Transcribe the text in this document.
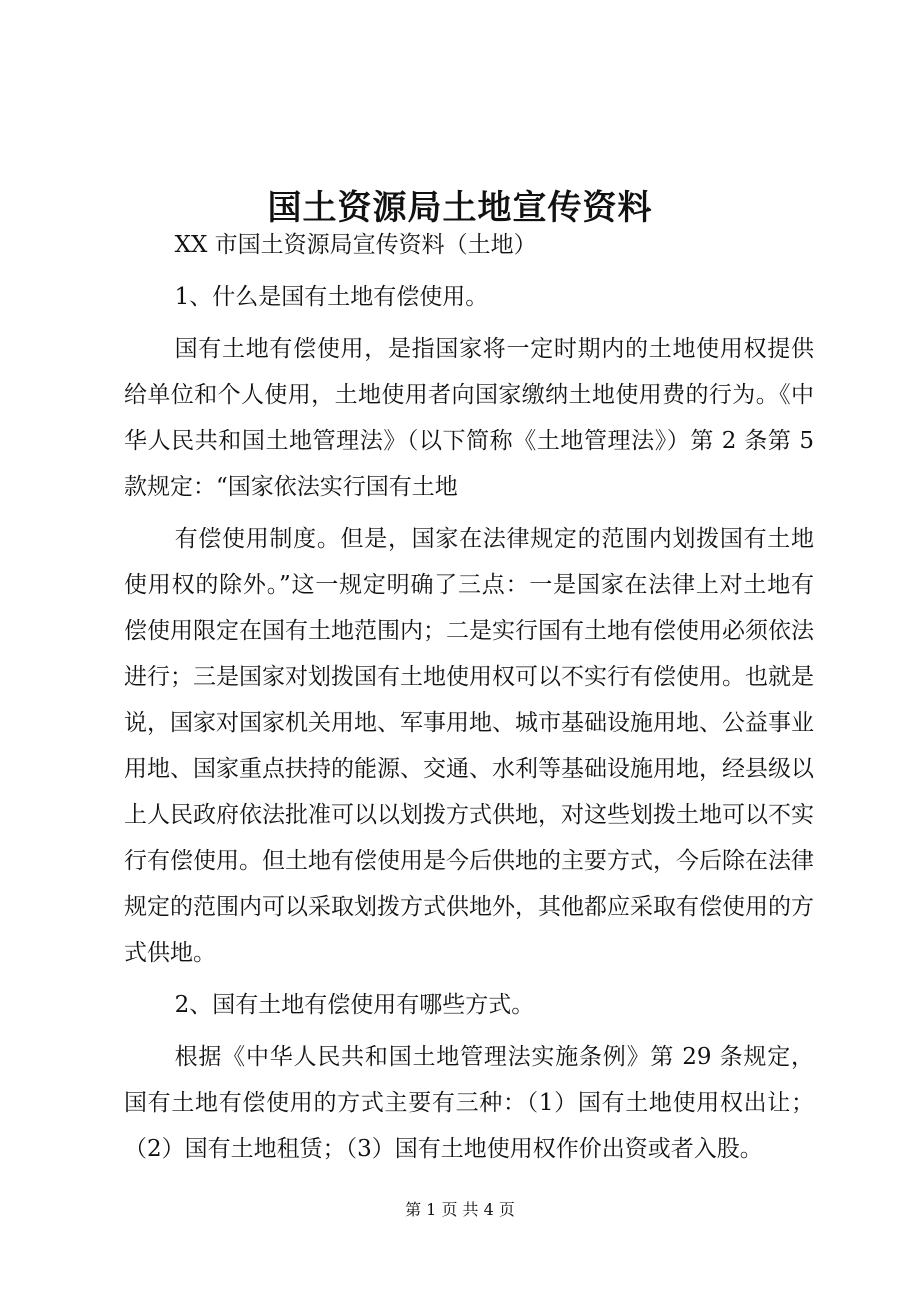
国土资源局土地宣传资料

XX 市国土资源局宣传资料（土地）

1、什么是国有土地有偿使用。

国有土地有偿使用，是指国家将一定时期内的土地使用权提供给单位和个人使用，土地使用者向国家缴纳土地使用费的行为。《中华人民共和国土地管理法》（以下简称《土地管理法》）第 2 条第 5 款规定：“国家依法实行国有土地

有偿使用制度。但是，国家在法律规定的范围内划拨国有土地使用权的除外。”这一规定明确了三点：一是国家在法律上对土地有偿使用限定在国有土地范围内；二是实行国有土地有偿使用必须依法进行；三是国家对划拨国有土地使用权可以不实行有偿使用。也就是说，国家对国家机关用地、军事用地、城市基础设施用地、公益事业用地、国家重点扶持的能源、交通、水利等基础设施用地，经县级以上人民政府依法批准可以以划拨方式供地，对这些划拨土地可以不实行有偿使用。但土地有偿使用是今后供地的主要方式，今后除在法律规定的范围内可以采取划拨方式供地外，其他都应采取有偿使用的方式供地。

2、国有土地有偿使用有哪些方式。

根据《中华人民共和国土地管理法实施条例》第 29 条规定，国有土地有偿使用的方式主要有三种：（1）国有土地使用权出让；（2）国有土地租赁；（3）国有土地使用权作价出资或者入股。

第 1 页 共 4 页
